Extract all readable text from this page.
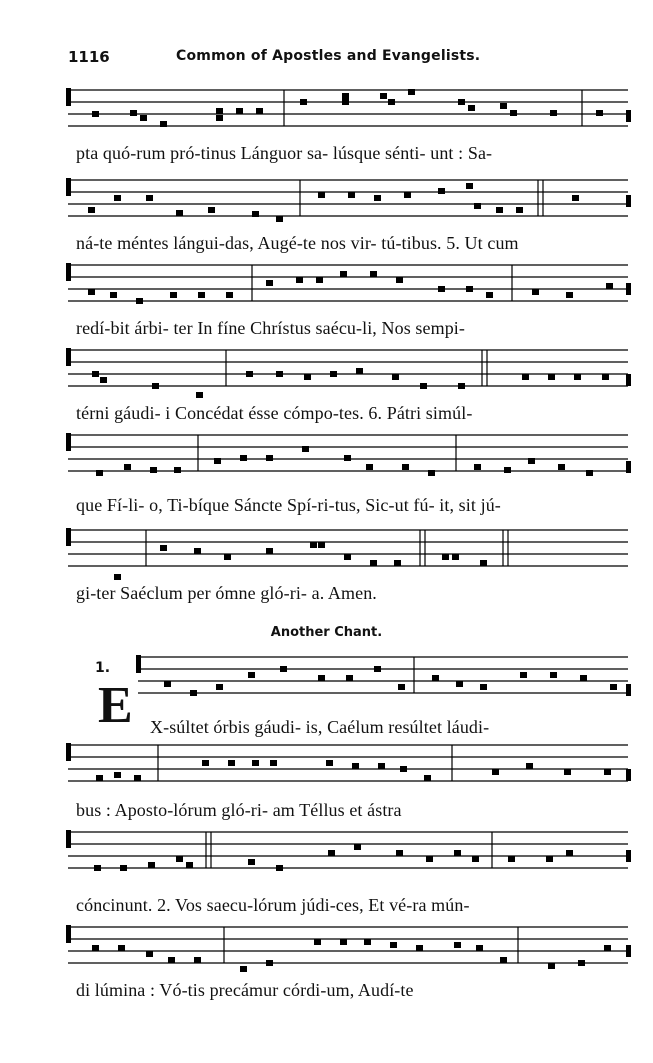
1116	Common of Apostles and Evangelists.
pta quó-rum pró-tinus Lánguor sa- lúsque sénti- unt : Sa-
ná-te méntes lángui-das, Augé-te nos vir- tú-tibus. 5. Ut cum
redí-bit árbi- ter In fíne Chrístus saécu-li, Nos sempi-
térni gáudi- i Concédat ésse cómpo-tes. 6. Pátri simúl-
que Fí-li- o, Ti-bíque Sáncte Spí-ri-tus, Sic-ut fú- it, sit jú-
gi-ter Saéclum per ómne gló-ri- a. Amen.
Another Chant.
1.
E X-súltet órbis gáudi- is, Caélum resúltet láudi-
bus : Aposto-lórum gló-ri- am Téllus et ástra
cóncinunt. 2. Vos saecu-lórum júdi-ces, Et vé-ra mún-
di lúmina : Vó-tis precámur córdi-um, Audí-te
